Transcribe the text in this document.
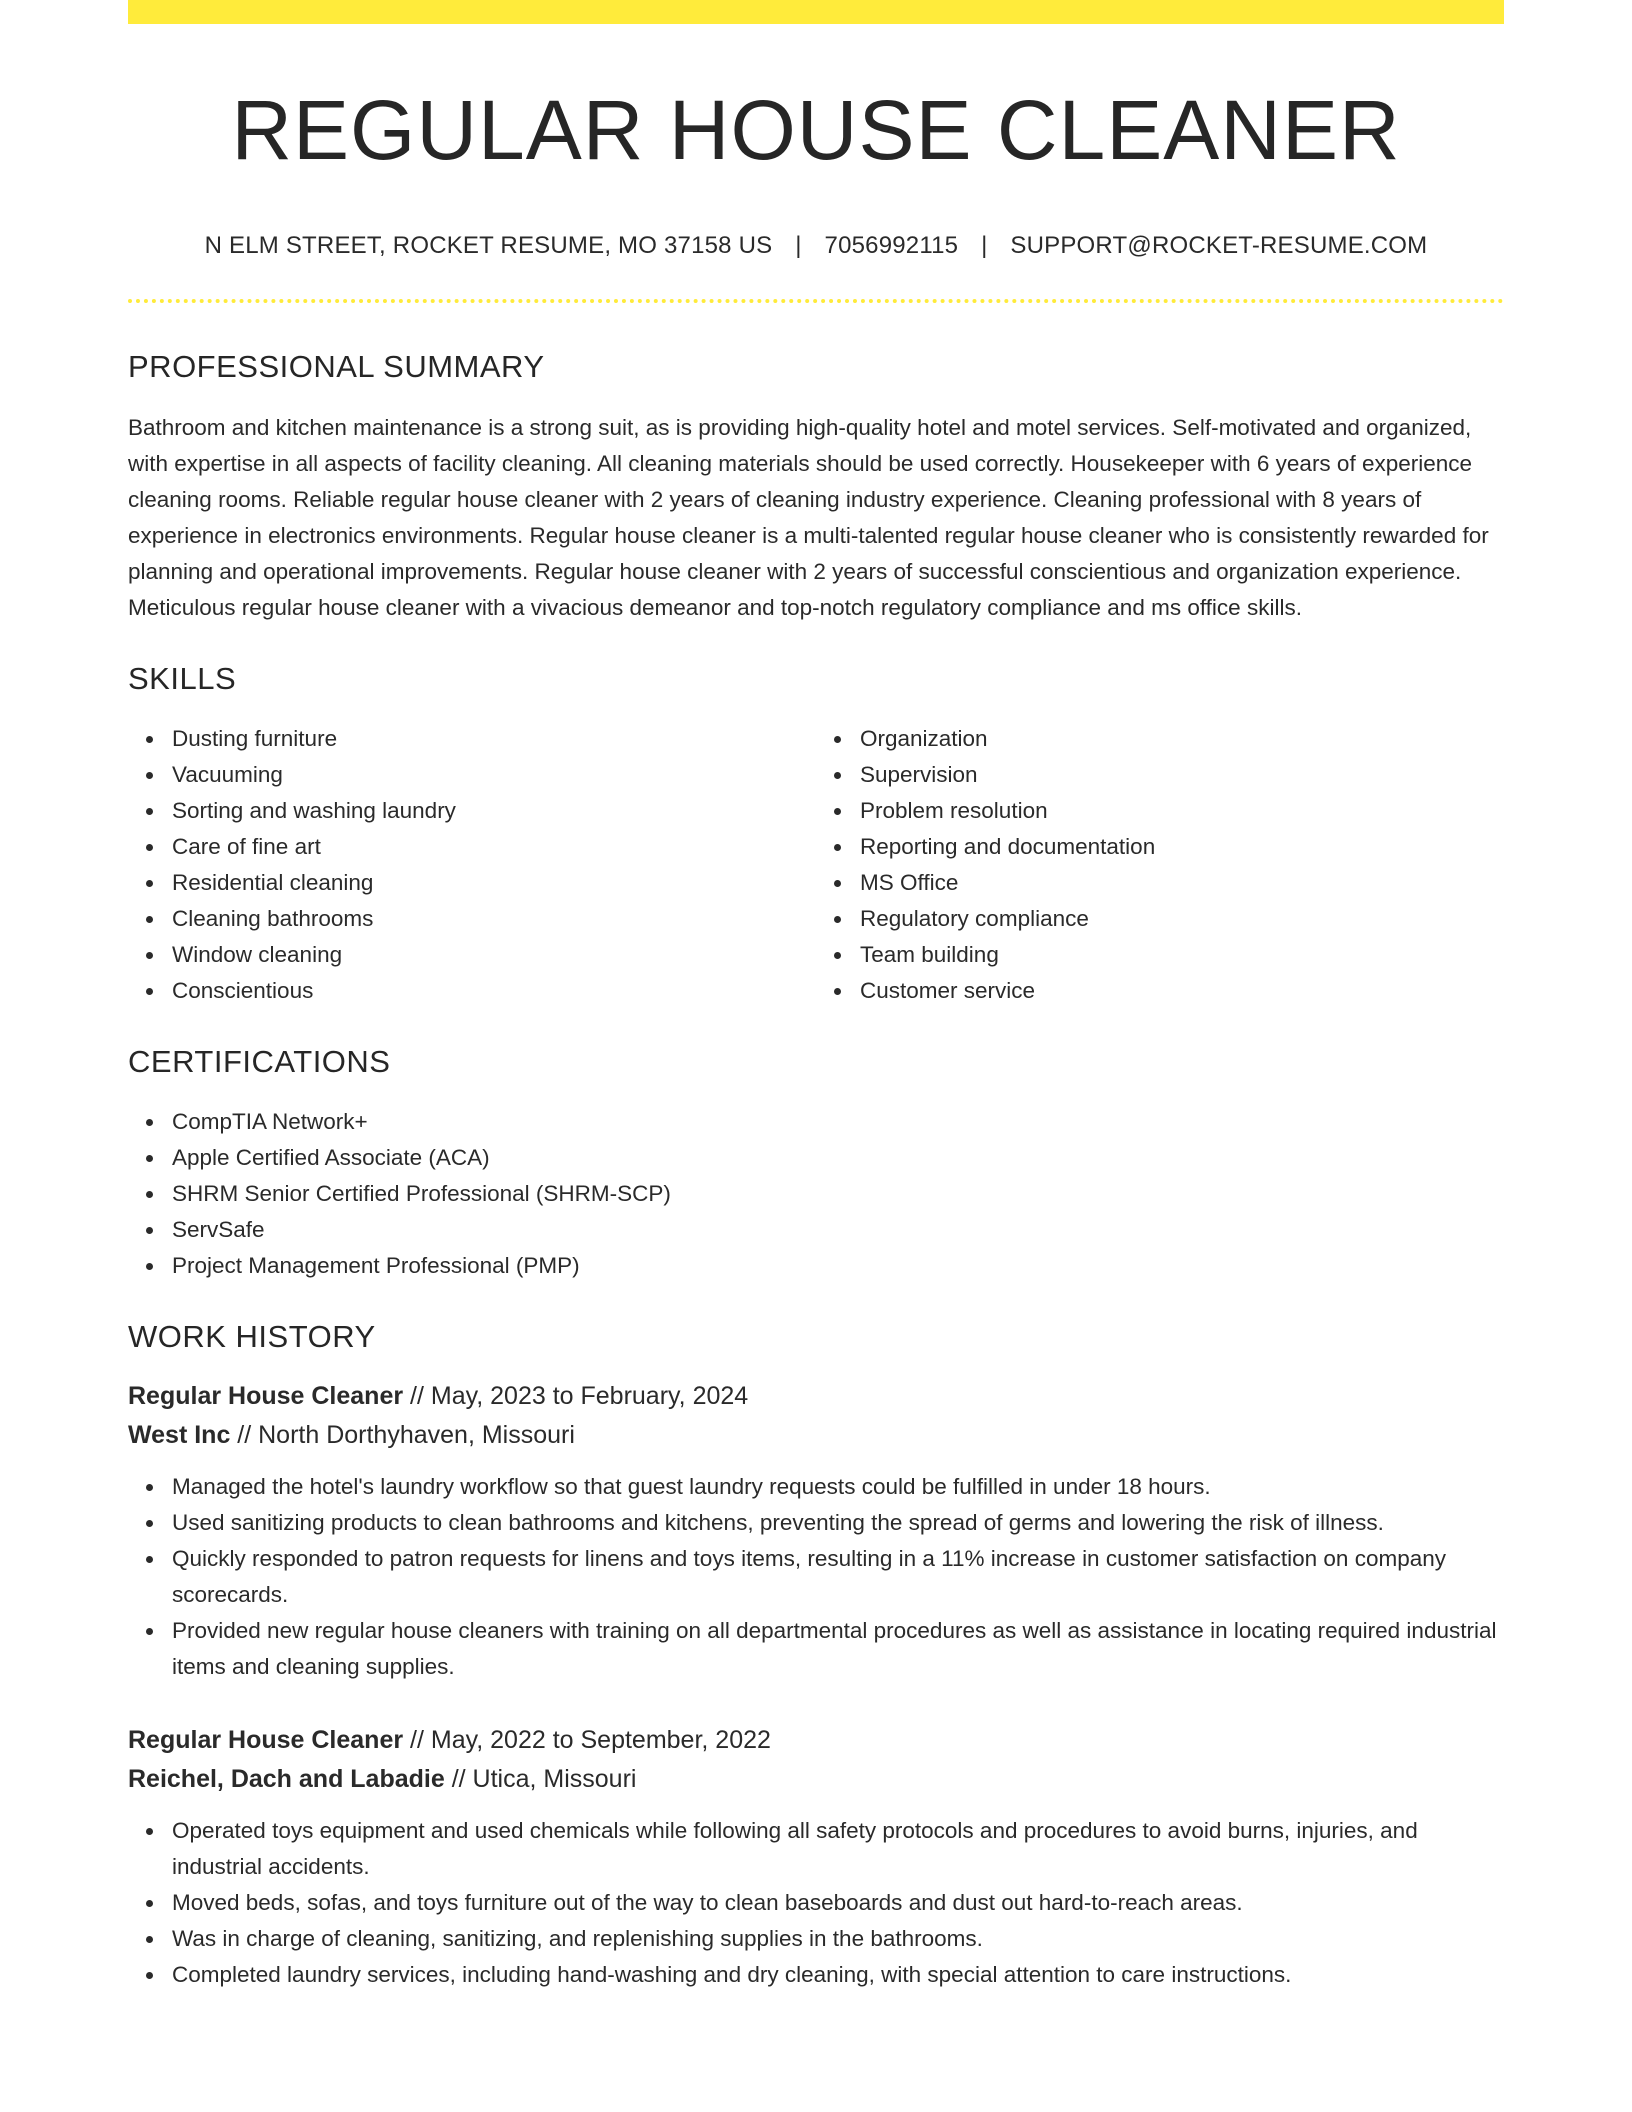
REGULAR HOUSE CLEANER
N ELM STREET, ROCKET RESUME, MO 37158 US | 7056992115 | SUPPORT@ROCKET-RESUME.COM
PROFESSIONAL SUMMARY

Bathroom and kitchen maintenance is a strong suit, as is providing high-quality hotel and motel services. Self-motivated and organized, with expertise in all aspects of facility cleaning. All cleaning materials should be used correctly. Housekeeper with 6 years of experience cleaning rooms. Reliable regular house cleaner with 2 years of cleaning industry experience. Cleaning professional with 8 years of experience in electronics environments. Regular house cleaner is a multi-talented regular house cleaner who is consistently rewarded for planning and operational improvements. Regular house cleaner with 2 years of successful conscientious and organization experience. Meticulous regular house cleaner with a vivacious demeanor and top-notch regulatory compliance and ms office skills.

SKILLS
Dusting furniture
Vacuuming
Sorting and washing laundry
Care of fine art
Residential cleaning
Cleaning bathrooms
Window cleaning
Conscientious
Organization
Supervision
Problem resolution
Reporting and documentation
MS Office
Regulatory compliance
Team building
Customer service
CERTIFICATIONS
CompTIA Network+
Apple Certified Associate (ACA)
SHRM Senior Certified Professional (SHRM-SCP)
ServSafe
Project Management Professional (PMP)
WORK HISTORY
Regular House Cleaner // May, 2023 to February, 2024
West Inc // North Dorthyhaven, Missouri
Managed the hotel's laundry workflow so that guest laundry requests could be fulfilled in under 18 hours.
Used sanitizing products to clean bathrooms and kitchens, preventing the spread of germs and lowering the risk of illness.
Quickly responded to patron requests for linens and toys items, resulting in a 11% increase in customer satisfaction on company scorecards.
Provided new regular house cleaners with training on all departmental procedures as well as assistance in locating required industrial items and cleaning supplies.
Regular House Cleaner // May, 2022 to September, 2022
Reichel, Dach and Labadie // Utica, Missouri
Operated toys equipment and used chemicals while following all safety protocols and procedures to avoid burns, injuries, and industrial accidents.
Moved beds, sofas, and toys furniture out of the way to clean baseboards and dust out hard-to-reach areas.
Was in charge of cleaning, sanitizing, and replenishing supplies in the bathrooms.
Completed laundry services, including hand-washing and dry cleaning, with special attention to care instructions.
